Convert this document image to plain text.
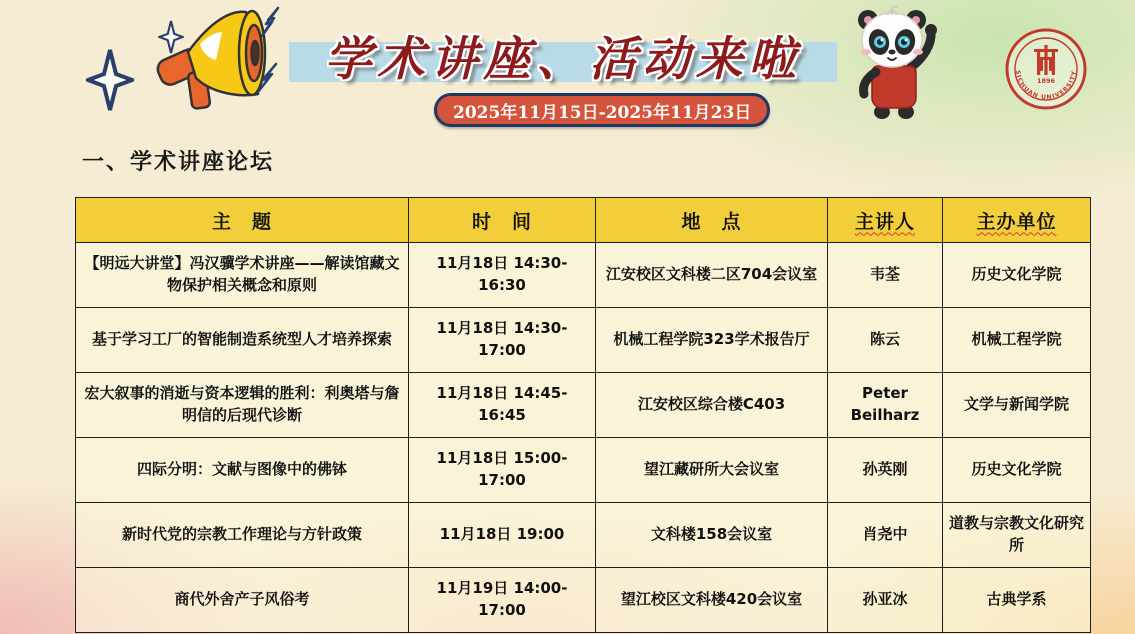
学术讲座、活动来啦
2025年11月15日-2025年11月23日
1896
SICHUAN UNIVERSITY
一、学术讲座论坛
主　题	时　间	地　点	主讲人	主办单位
【明远大讲堂】冯汉骥学术讲座——解读馆藏文物保护相关概念和原则	11月18日 14:30-16:30	江安校区文科楼二区704会议室	韦荃	历史文化学院
基于学习工厂的智能制造系统型人才培养探索	11月18日 14:30-17:00	机械工程学院323学术报告厅	陈云	机械工程学院
宏大叙事的消逝与资本逻辑的胜利：利奥塔与詹明信的后现代诊断	11月18日 14:45-16:45	江安校区综合楼C403	Peter Beilharz	文学与新闻学院
四际分明：文献与图像中的佛钵	11月18日 15:00-17:00	望江藏研所大会议室	孙英刚	历史文化学院
新时代党的宗教工作理论与方针政策	11月18日 19:00	文科楼158会议室	肖尧中	道教与宗教文化研究所
商代外舍产子风俗考	11月19日 14:00-17:00	望江校区文科楼420会议室	孙亚冰	古典学系
